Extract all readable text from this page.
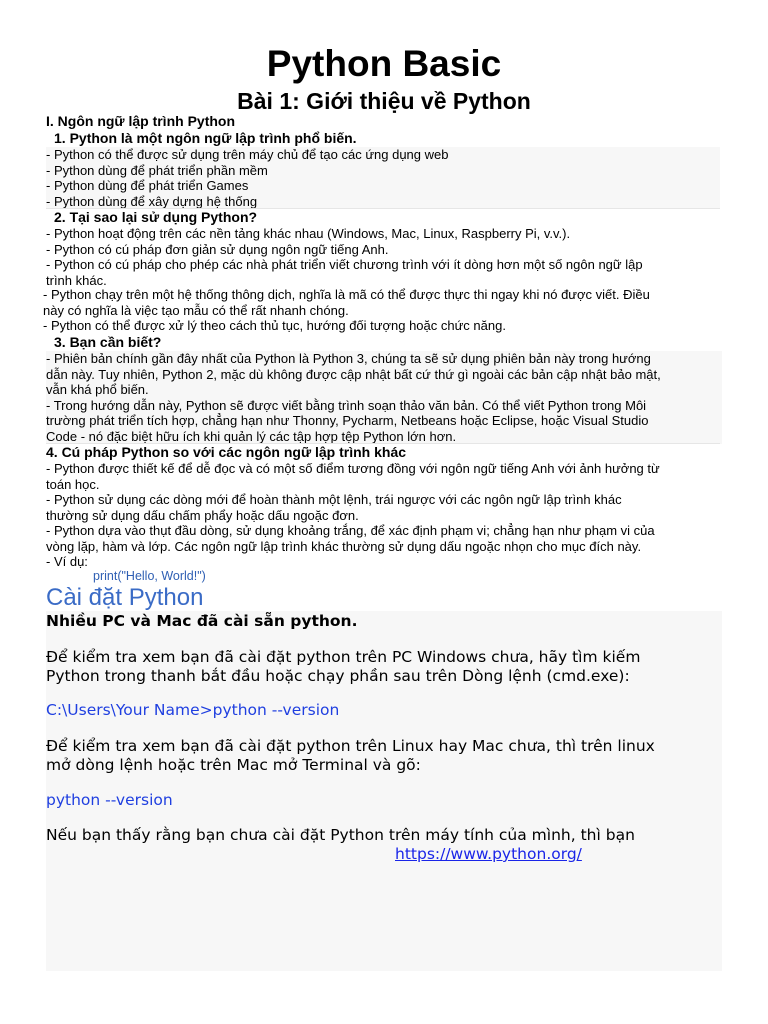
Python Basic
Bài 1: Giới thiệu về Python
I. Ngôn ngữ lập trình Python
1. Python là một ngôn ngữ lập trình phổ biến.
- Python có thể được sử dụng trên máy chủ để tạo các ứng dụng web
- Python dùng để phát triển phần mềm
- Python dùng để phát triển Games
- Python dùng để xây dựng hệ thống
2. Tại sao lại sử dụng Python?
- Python hoạt động trên các nền tảng khác nhau (Windows, Mac, Linux, Raspberry Pi, v.v.).
- Python có cú pháp đơn giản sử dụng ngôn ngữ tiếng Anh.
- Python có cú pháp cho phép các nhà phát triển viết chương trình với ít dòng hơn một số ngôn ngữ lập
trình khác.
- Python chạy trên một hệ thống thông dịch, nghĩa là mã có thể được thực thi ngay khi nó được viết. Điều
này có nghĩa là việc tạo mẫu có thể rất nhanh chóng.
- Python có thể được xử lý theo cách thủ tục, hướng đối tượng hoặc chức năng.
3. Bạn cần biết?
- Phiên bản chính gần đây nhất của Python là Python 3, chúng ta sẽ sử dụng phiên bản này trong hướng
dẫn này. Tuy nhiên, Python 2, mặc dù không được cập nhật bất cứ thứ gì ngoài các bản cập nhật bảo mật,
vẫn khá phổ biến.
- Trong hướng dẫn này, Python sẽ được viết bằng trình soạn thảo văn bản. Có thể viết Python trong Môi
trường phát triển tích hợp, chẳng hạn như Thonny, Pycharm, Netbeans hoặc Eclipse, hoặc Visual Studio
Code - nó đặc biệt hữu ích khi quản lý các tập hợp tệp Python lớn hơn.
4. Cú pháp Python so với các ngôn ngữ lập trình khác
- Python được thiết kế để dễ đọc và có một số điểm tương đồng với ngôn ngữ tiếng Anh với ảnh hưởng từ
toán học.
- Python sử dụng các dòng mới để hoàn thành một lệnh, trái ngược với các ngôn ngữ lập trình khác
thường sử dụng dấu chấm phẩy hoặc dấu ngoặc đơn.
- Python dựa vào thụt đầu dòng, sử dụng khoảng trắng, để xác định phạm vi; chẳng hạn như phạm vi của
vòng lặp, hàm và lớp. Các ngôn ngữ lập trình khác thường sử dụng dấu ngoặc nhọn cho mục đích này.
- Ví dụ:
print("Hello, World!")
Cài đặt Python
Nhiều PC và Mac đã cài sẵn python.
Để kiểm tra xem bạn đã cài đặt python trên PC Windows chưa, hãy tìm kiếm
Python trong thanh bắt đầu hoặc chạy phần sau trên Dòng lệnh (cmd.exe):
C:\Users\Your Name>python --version
Để kiểm tra xem bạn đã cài đặt python trên Linux hay Mac chưa, thì trên linux
mở dòng lệnh hoặc trên Mac mở Terminal và gõ:
python --version
Nếu bạn thấy rằng bạn chưa cài đặt Python trên máy tính của mình, thì bạn
https://www.python.org/
